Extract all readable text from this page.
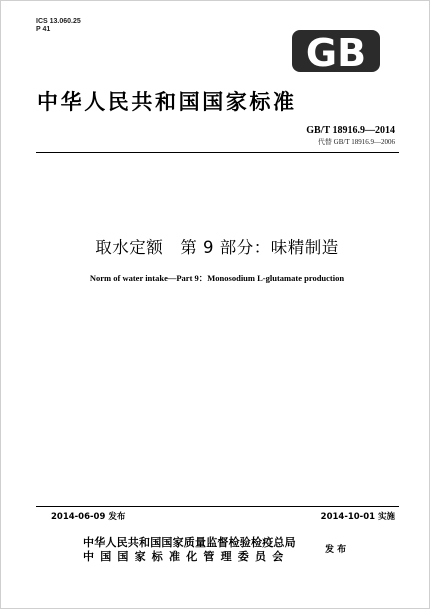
ICS 13.060.25
P 41
GB
中华人民共和国国家标准
GB/T 18916.9—2014
代替 GB/T 18916.9—2006
取水定额　第 9 部分：味精制造
Norm of water intake—Part 9：Monosodium L-glutamate production
2014-06-09 发布	2014-10-01 实施
中华人民共和国国家质量监督检验检疫总局
中国国家标准化管理委员会	发 布
